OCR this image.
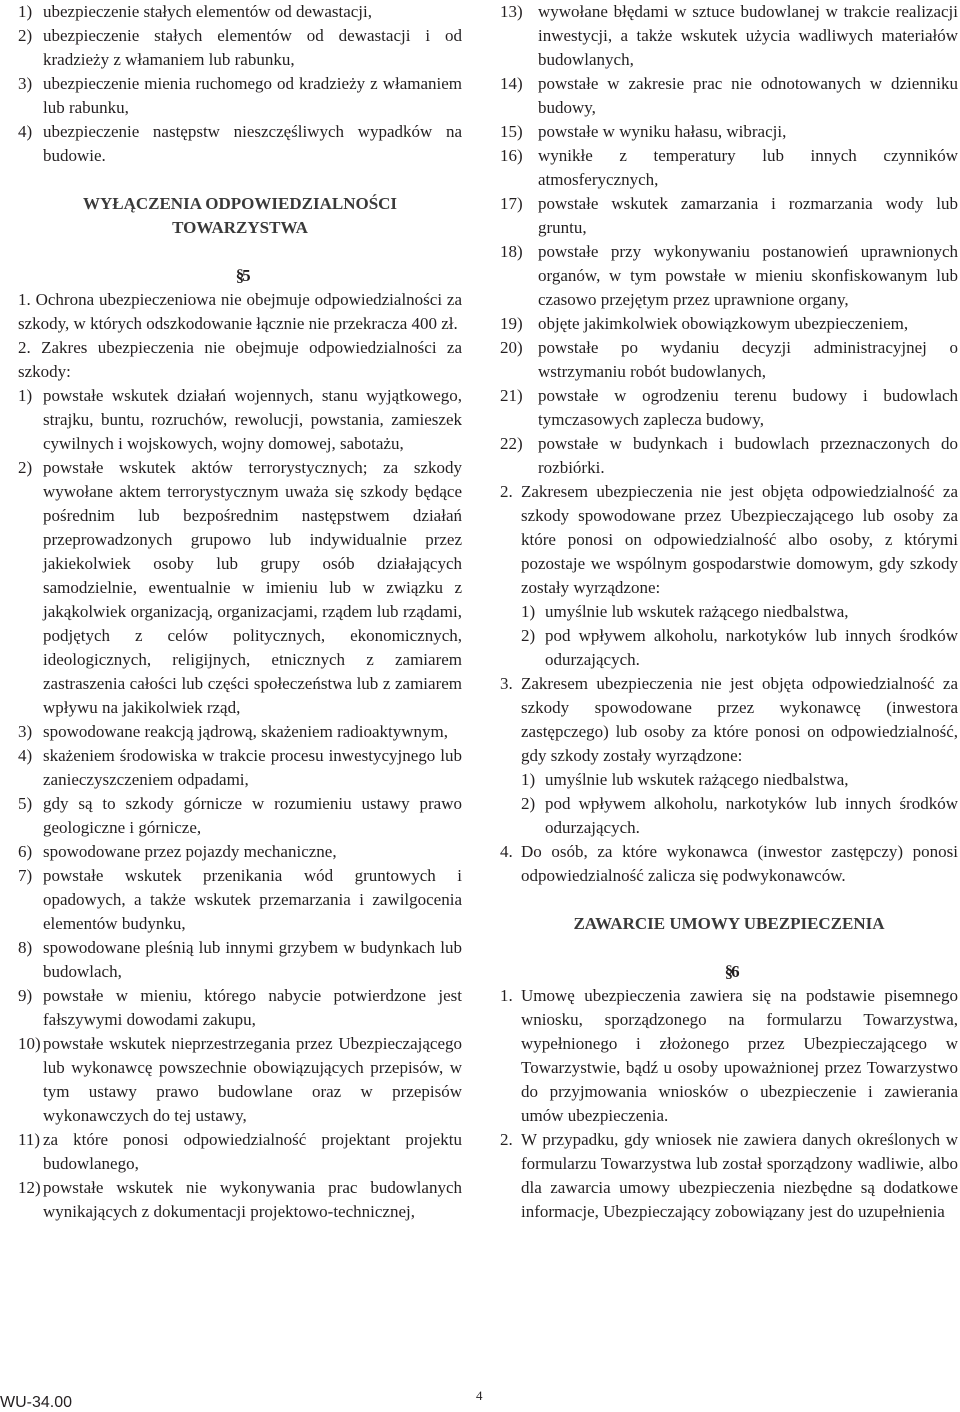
1) ubezpieczenie stałych elementów od dewastacji,
2) ubezpieczenie stałych elementów od dewastacji i od kradzieży z włamaniem lub rabunku,
3) ubezpieczenie mienia ruchomego od kradzieży z włamaniem lub rabunku,
4) ubezpieczenie następstw nieszczęśliwych wypadków na budowie.

WYŁĄCZENIA ODPOWIEDZIALNOŚCI
TOWARZYSTWA

§

5

1. Ochrona ubezpieczeniowa nie obejmuje odpowiedzialności za szkody, w których odszkodowanie łącznie nie przekracza 400 zł.

2. Zakres ubezpieczenia nie obejmuje odpowiedzialności za szkody:

1) powstałe wskutek działań wojennych, stanu wyjątkowego, strajku, buntu, rozruchów, rewolucji, powstania, zamieszek cywilnych i wojskowych, wojny domowej, sabotażu,
2) powstałe wskutek aktów terrorystycznych; za szkody wywołane aktem terrorystycznym uważa się szkody będące pośrednim lub bezpośrednim następstwem działań przeprowadzonych grupowo lub indywidualnie przez jakiekolwiek osoby lub grupy osób działających samodzielnie, ewentualnie w imieniu lub w związku z jakąkolwiek organizacją, organizacjami, rządem lub rządami, podjętych z celów politycznych, ekonomicznych, ideologicznych, religijnych, etnicznych z zamiarem zastraszenia całości lub części społeczeństwa lub z zamiarem wpływu na jakikolwiek rząd,
3) spowodowane reakcją jądrową, skażeniem radioaktywnym,
4) skażeniem środowiska w trakcie procesu inwestycyjnego lub zanieczyszczeniem odpadami,
5) gdy są to szkody górnicze w rozumieniu ustawy prawo geologiczne i górnicze,
6) spowodowane przez pojazdy mechaniczne,
7) powstałe wskutek przenikania wód gruntowych i opadowych, a także wskutek przemarzania i zawilgocenia elementów budynku,
8) spowodowane pleśnią lub innymi grzybem w budynkach lub budowlach,
9) powstałe w mieniu, którego nabycie potwierdzone jest fałszywymi dowodami zakupu,
10) powstałe wskutek nieprzestrzegania przez Ubezpieczającego lub wykonawcę powszechnie obowiązujących przepisów, w tym ustawy prawo budowlane oraz w przepisów wykonawczych do tej ustawy,
11) za które ponosi odpowiedzialność projektant projektu budowlanego,
12) powstałe wskutek nie wykonywania prac budowlanych wynikających z dokumentacji projektowo-technicznej,
13) wywołane błędami w sztuce budowlanej w trakcie realizacji inwestycji, a także wskutek użycia wadliwych materiałów budowlanych,
14) powstałe w zakresie prac nie odnotowanych w dzienniku budowy,
15) powstałe w wyniku hałasu, wibracji,
16) wynikłe z temperatury lub innych czynników atmosferycznych,
17) powstałe wskutek zamarzania i rozmarzania wody lub gruntu,
18) powstałe przy wykonywaniu postanowień uprawnionych organów, w tym powstałe w mieniu skonfiskowanym lub czasowo przejętym przez uprawnione organy,
19) objęte jakimkolwiek obowiązkowym ubezpieczeniem,
20) powstałe po wydaniu decyzji administracyjnej o wstrzymaniu robót budowlanych,
21) powstałe w ogrodzeniu terenu budowy i budowlach tymczasowych zaplecza budowy,
22) powstałe w budynkach i budowlach przeznaczonych do rozbiórki.
2. Zakresem ubezpieczenia nie jest objęta odpowiedzialność za szkody spowodowane przez Ubezpieczającego lub osoby za które ponosi on odpowiedzialność albo osoby, z którymi pozostaje we wspólnym gospodarstwie domowym, gdy szkody zostały wyrządzone:
1) umyślnie lub wskutek rażącego niedbalstwa,
2) pod wpływem alkoholu, narkotyków lub innych środków odurzających.
3. Zakresem ubezpieczenia nie jest objęta odpowiedzialność za szkody spowodowane przez wykonawcę (inwestora zastępczego) lub osoby za które ponosi on odpowiedzialność, gdy szkody zostały wyrządzone:
1) umyślnie lub wskutek rażącego niedbalstwa,
2) pod wpływem alkoholu, narkotyków lub innych środków odurzających.
4. Do osób, za które wykonawca (inwestor zastępczy) ponosi odpowiedzialność zalicza się podwykonawców.

ZAWARCIE UMOWY UBEZPIECZENIA

§

6

1. Umowę ubezpieczenia zawiera się na podstawie pisemnego wniosku, sporządzonego na formularzu Towarzystwa, wypełnionego i złożonego przez Ubezpieczającego w Towarzystwie, bądź u osoby upoważnionej przez Towarzystwo do przyjmowania wniosków o ubezpieczenie i zawierania umów ubezpieczenia.
2. W przypadku, gdy wniosek nie zawiera danych określonych w formularzu Towarzystwa lub został sporządzony wadliwie, albo dla zawarcia umowy ubezpieczenia niezbędne są dodatkowe informacje, Ubezpieczający zobowiązany jest do uzupełnienia
WU-34.00	4
